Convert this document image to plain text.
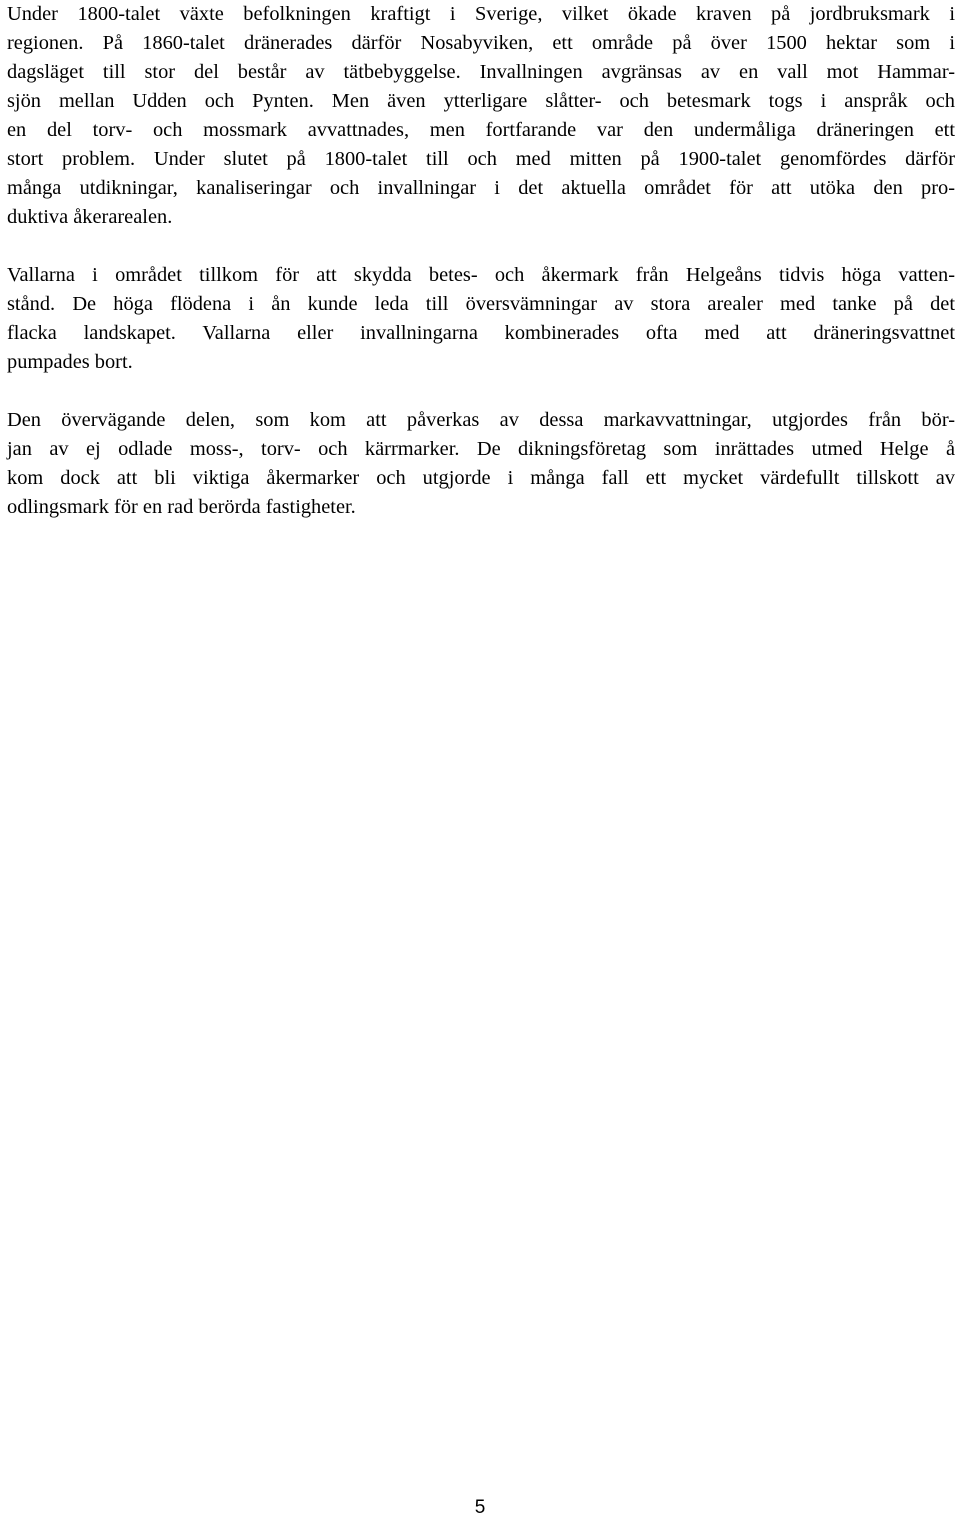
Under 1800-talet växte befolkningen kraftigt i Sverige, vilket ökade kraven på jordbruksmark i
regionen. På 1860-talet dränerades därför Nosabyviken, ett område på över 1500 hektar som i
dagsläget till stor del består av tätbebyggelse. Invallningen avgränsas av en vall mot Hammar-
sjön mellan Udden och Pynten. Men även ytterligare slåtter- och betesmark togs i anspråk och
en del torv- och mossmark avvattnades, men fortfarande var den undermåliga dräneringen ett
stort problem. Under slutet på 1800-talet till och med mitten på 1900-talet genomfördes därför
många utdikningar, kanaliseringar och invallningar i det aktuella området för att utöka den pro-
duktiva åkerarealen.

Vallarna i området tillkom för att skydda betes- och åkermark från Helgeåns tidvis höga vatten-
stånd. De höga flödena i ån kunde leda till översvämningar av stora arealer med tanke på det
flacka landskapet. Vallarna eller invallningarna kombinerades ofta med att dräneringsvattnet
pumpades bort.

Den övervägande delen, som kom att påverkas av dessa markavvattningar, utgjordes från bör-
jan av ej odlade moss-, torv- och kärrmarker. De dikningsföretag som inrättades utmed Helge å
kom dock att bli viktiga åkermarker och utgjorde i många fall ett mycket värdefullt tillskott av
odlingsmark för en rad berörda fastigheter.

5
